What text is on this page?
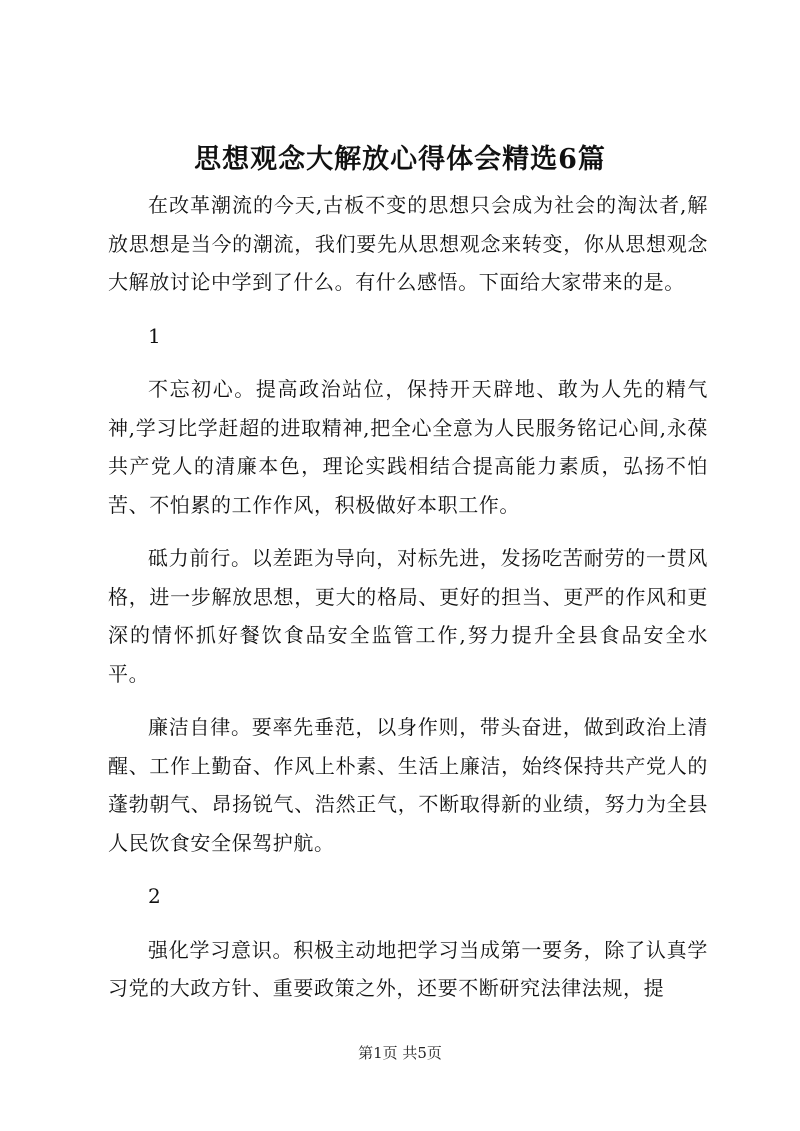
思想观念大解放心得体会精选6篇

在改革潮流的今天,古板不变的思想只会成为社会的淘汰者,解放思想是当今的潮流，我们要先从思想观念来转变，你从思想观念大解放讨论中学到了什么。有什么感悟。下面给大家带来的是。

1

不忘初心。提高政治站位，保持开天辟地、敢为人先的精气神,学习比学赶超的进取精神,把全心全意为人民服务铭记心间,永葆共产党人的清廉本色，理论实践相结合提高能力素质，弘扬不怕苦、不怕累的工作作风，积极做好本职工作。

砥力前行。以差距为导向，对标先进，发扬吃苦耐劳的一贯风格，进一步解放思想，更大的格局、更好的担当、更严的作风和更深的情怀抓好餐饮食品安全监管工作,努力提升全县食品安全水平。

廉洁自律。要率先垂范，以身作则，带头奋进，做到政治上清醒、工作上勤奋、作风上朴素、生活上廉洁，始终保持共产党人的蓬勃朝气、昂扬锐气、浩然正气，不断取得新的业绩，努力为全县人民饮食安全保驾护航。

2

强化学习意识。积极主动地把学习当成第一要务，除了认真学习党的大政方针、重要政策之外，还要不断研究法律法规，提

第1页 共5页
